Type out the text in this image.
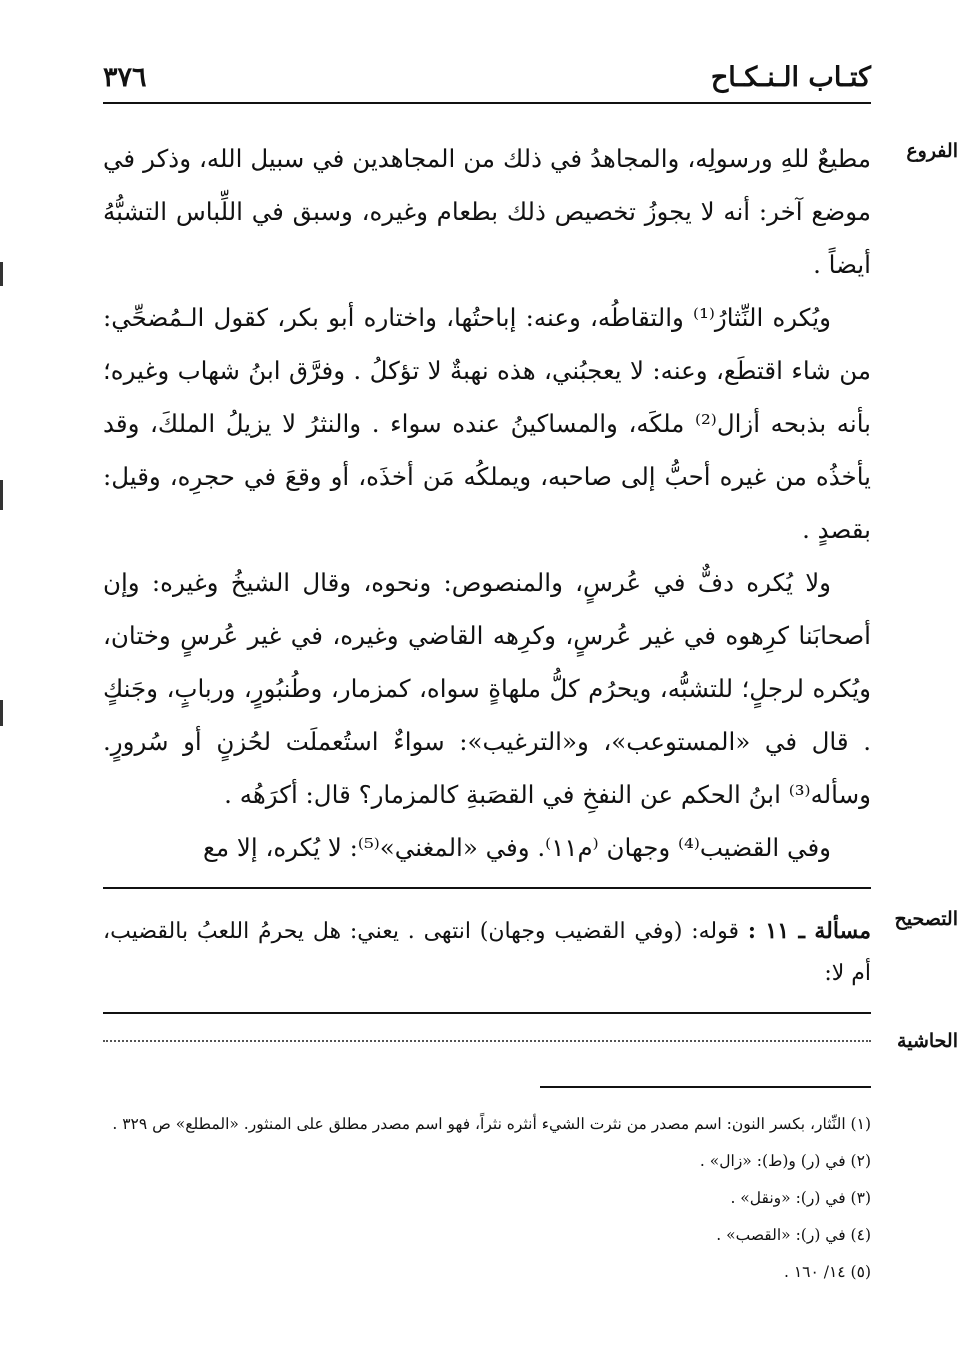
كتـاب الـنـكـاح
٣٧٦
الفروع

مطيعٌ للهِ ورسولِه، والمجاهدُ في ذلك من المجاهدين في سبيل الله، وذكر في موضع آخر: أنه لا يجوزُ تخصيص ذلك بطعام وغيره، وسبق في اللِّباس التشبُّهُ أيضاً .

ويُكره النِّثارُ⁽¹⁾ والتقاطُه، وعنه: إباحتُها، واختاره أبو بكر، كقول الـمُضحِّي: من شاء اقتطَع، وعنه: لا يعجبُني، هذه نهبةٌ لا تؤكلُ . وفرَّق ابنُ شهاب وغيره؛ بأنه بذبحه أزال⁽²⁾ ملكَه، والمساكينُ عنده سواء . والنثرُ لا يزيلُ الملكَ، وقد يأخذُه من غيره أحبُّ إلى صاحبه، ويملكُه مَن أخذَه، أو وقعَ في حجرِه، وقيل: بقصدٍ .

ولا يُكره دفٌّ في عُرسٍ، والمنصوص: ونحوه، وقال الشيخُ وغيره: وإن أصحابَنا كرِهوه في غير عُرسٍ، وكرِهه القاضي وغيره، في غير عُرسٍ وختان، ويُكره لرجلٍ؛ للتشبُّه، ويحرُم كلُّ ملهاةٍ سواه، كمزمار، وطُنبُورٍ، وربابٍ، وجَنكٍ . قال في «المستوعب»، و«الترغيب»: سواءٌ استُعملَت لحُزنٍ أو سُرورٍ. وسأله⁽³⁾ ابنُ الحكم عن النفخِ في القصَبةِ كالمزمار؟ قال: أكرَهُه .

وفي القضيب⁽⁴⁾ وجهان ⁽م١١⁾. وفي «المغني»⁽⁵⁾: لا يُكره، إلا مع

التصحيح
مسألة ـ ١١ : قوله: (وفي القضيب وجهان) انتهى . يعني: هل يحرمُ اللعبُ بالقضيب، أم لا:
الحاشية
(١) النِّثار، بكسر النون: اسم مصدر من نثرت الشيء أنثره نثراً، فهو اسم مصدر مطلق على المنثور. «المطلع» ص ٣٢٩ .
(٢) في (ر) و(ط): «زال» .
(٣) في (ر): «ونقل» .
(٤) في (ر): «القصب» .
(٥) ١٤/ ١٦٠ .
